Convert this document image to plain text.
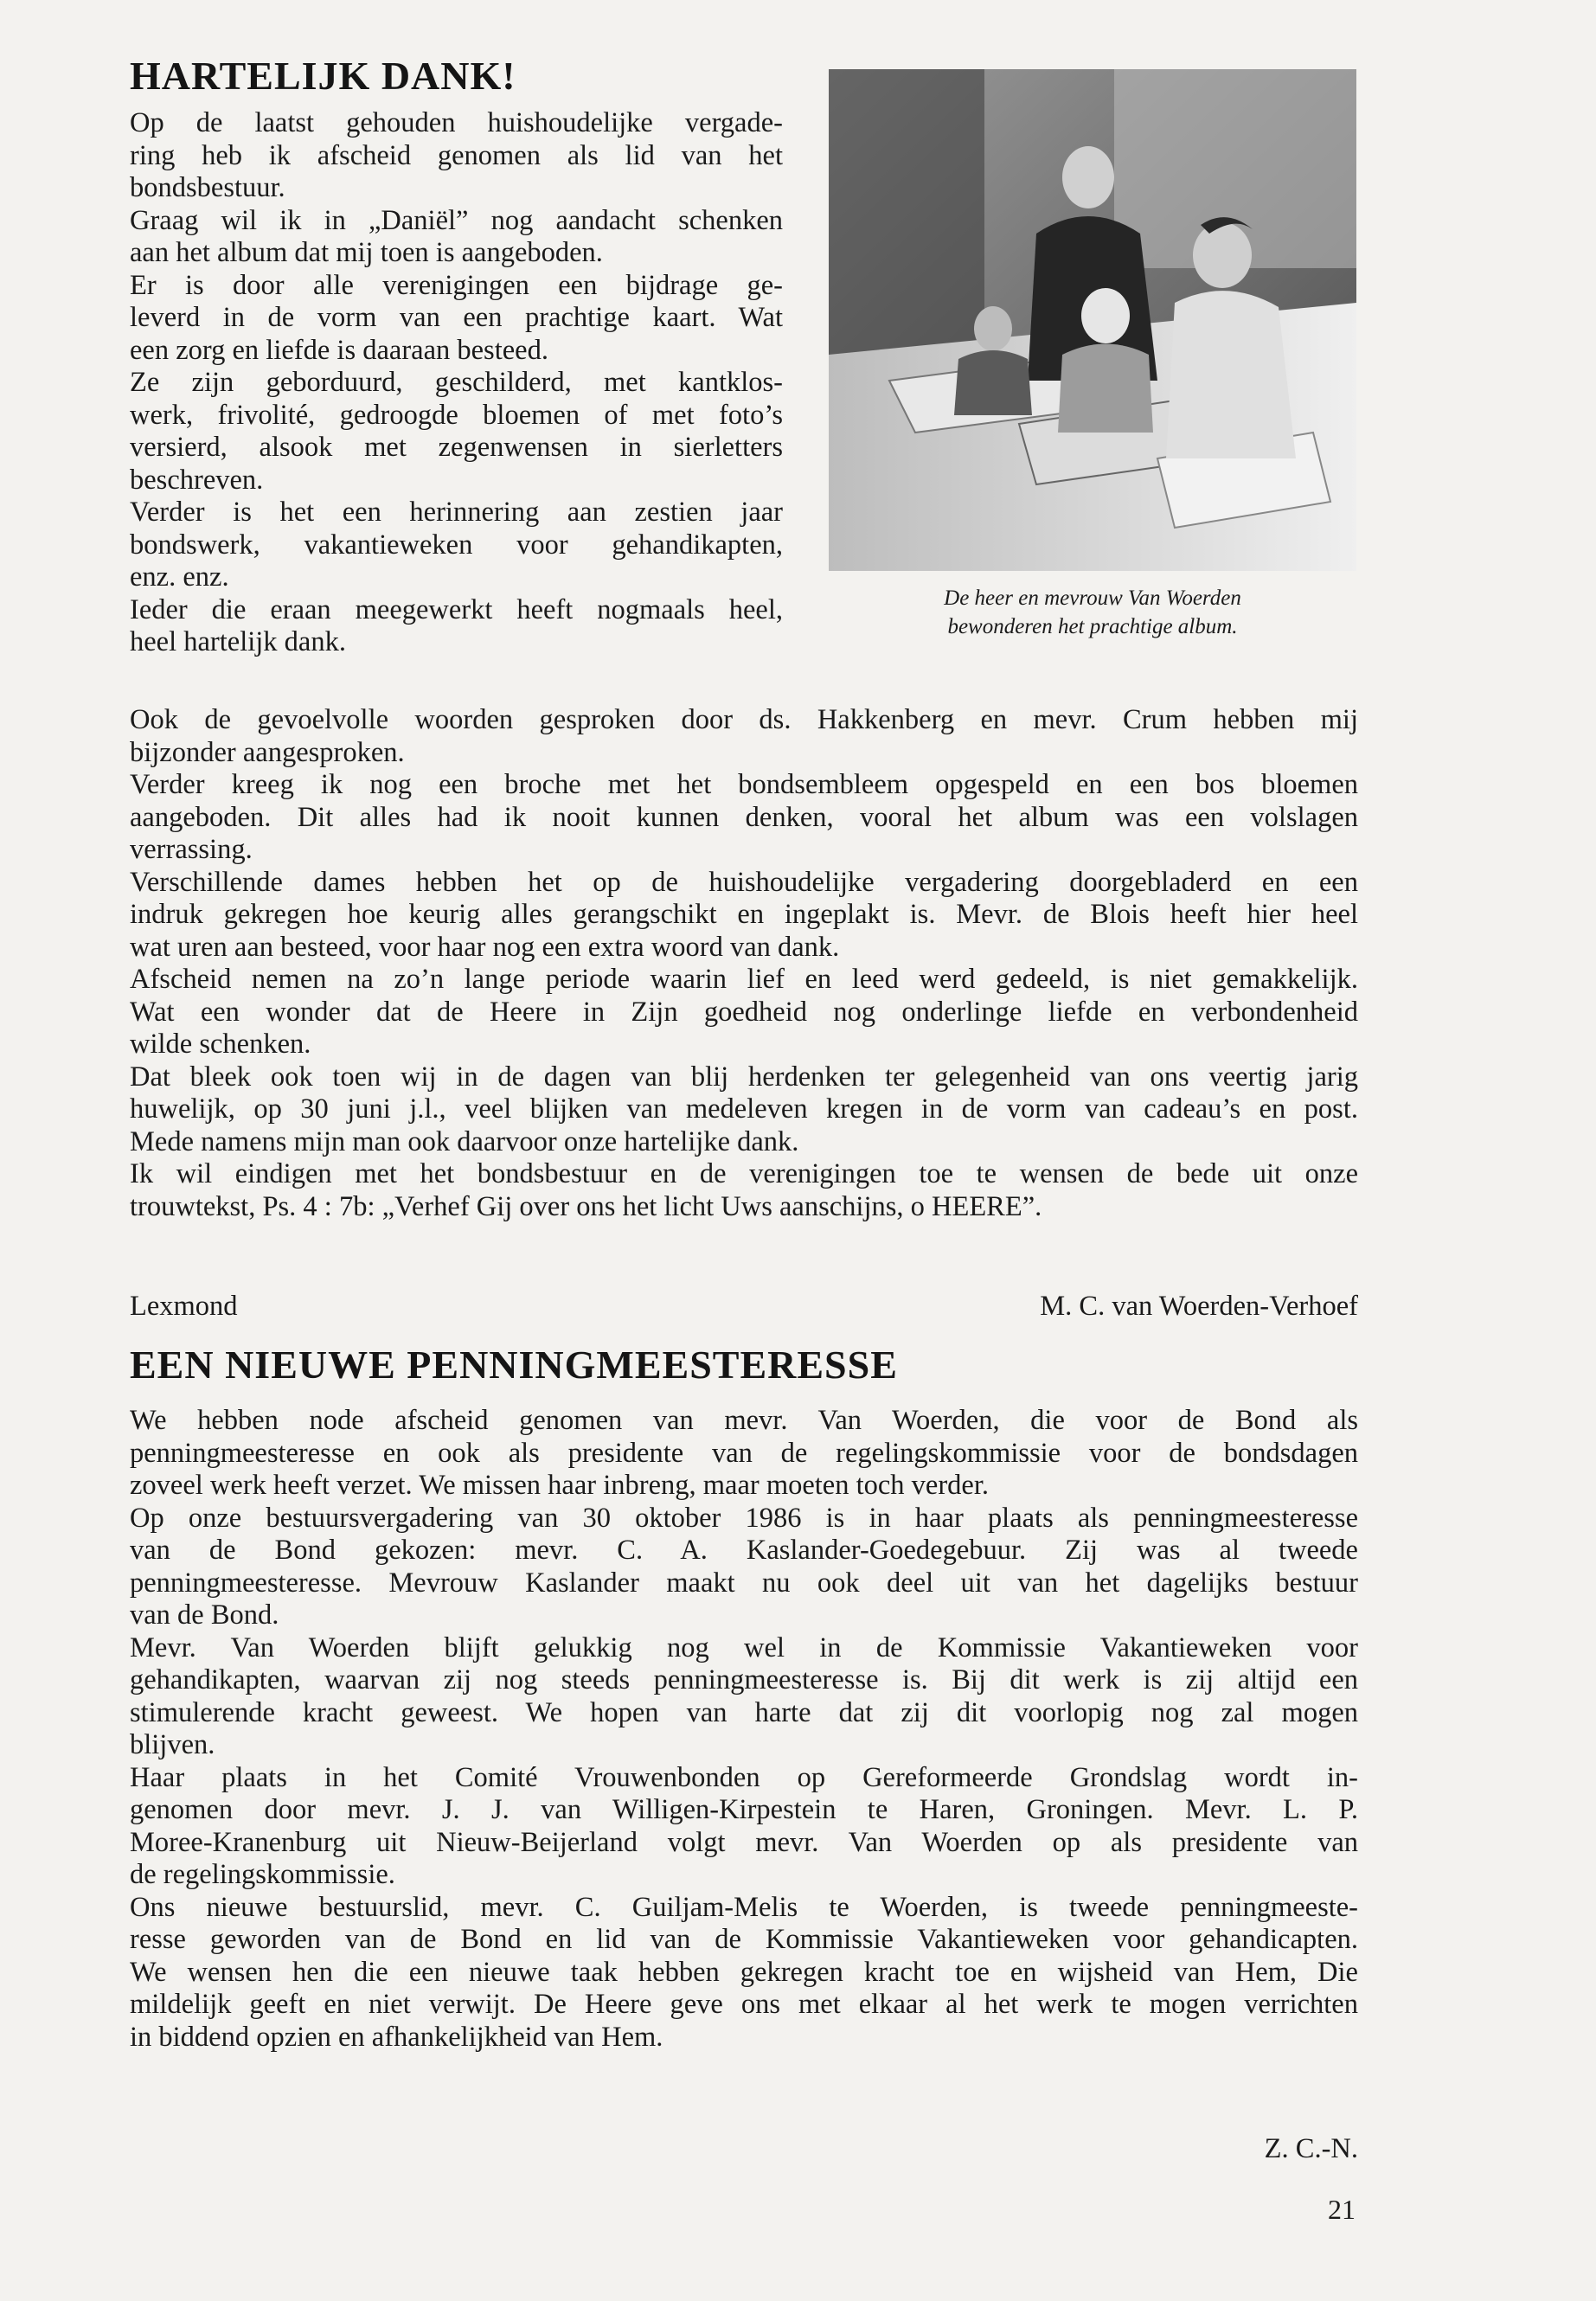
HARTELIJK DANK!
Op de laatst gehouden huishoudelijke vergade-
ring heb ik afscheid genomen als lid van het
bondsbestuur.
Graag wil ik in „Daniël” nog aandacht schenken
aan het album dat mij toen is aangeboden.
Er is door alle verenigingen een bijdrage ge-
leverd in de vorm van een prachtige kaart. Wat
een zorg en liefde is daaraan besteed.
Ze zijn geborduurd, geschilderd, met kantklos-
werk, frivolité, gedroogde bloemen of met foto’s
versierd, alsook met zegenwensen in sierletters
beschreven.
Verder is het een herinnering aan zestien jaar
bondswerk, vakantieweken voor gehandikapten,
enz. enz.
Ieder die eraan meegewerkt heeft nogmaals heel,
heel hartelijk dank.
De heer en mevrouw Van Woerden
bewonderen het prachtige album.
Ook de gevoelvolle woorden gesproken door ds. Hakkenberg en mevr. Crum hebben mij
bijzonder aangesproken.
Verder kreeg ik nog een broche met het bondsembleem opgespeld en een bos bloemen
aangeboden. Dit alles had ik nooit kunnen denken, vooral het album was een volslagen
verrassing.
Verschillende dames hebben het op de huishoudelijke vergadering doorgebladerd en een
indruk gekregen hoe keurig alles gerangschikt en ingeplakt is. Mevr. de Blois heeft hier heel
wat uren aan besteed, voor haar nog een extra woord van dank.
Afscheid nemen na zo’n lange periode waarin lief en leed werd gedeeld, is niet gemakkelijk.
Wat een wonder dat de Heere in Zijn goedheid nog onderlinge liefde en verbondenheid
wilde schenken.
Dat bleek ook toen wij in de dagen van blij herdenken ter gelegenheid van ons veertig jarig
huwelijk, op 30 juni j.l., veel blijken van medeleven kregen in de vorm van cadeau’s en post.
Mede namens mijn man ook daarvoor onze hartelijke dank.
Ik wil eindigen met het bondsbestuur en de verenigingen toe te wensen de bede uit onze
trouwtekst, Ps. 4 : 7b: „Verhef Gij over ons het licht Uws aanschijns, o HEERE”.
Lexmond	M. C. van Woerden-Verhoef
EEN NIEUWE PENNINGMEESTERESSE
We hebben node afscheid genomen van mevr. Van Woerden, die voor de Bond als
penningmeesteresse en ook als presidente van de regelingskommissie voor de bondsdagen
zoveel werk heeft verzet. We missen haar inbreng, maar moeten toch verder.
Op onze bestuursvergadering van 30 oktober 1986 is in haar plaats als penningmeesteresse
van de Bond gekozen: mevr. C. A. Kaslander-Goedegebuur. Zij was al tweede
penningmeesteresse. Mevrouw Kaslander maakt nu ook deel uit van het dagelijks bestuur
van de Bond.
Mevr. Van Woerden blijft gelukkig nog wel in de Kommissie Vakantieweken voor
gehandikapten, waarvan zij nog steeds penningmeesteresse is. Bij dit werk is zij altijd een
stimulerende kracht geweest. We hopen van harte dat zij dit voorlopig nog zal mogen
blijven.
Haar plaats in het Comité Vrouwenbonden op Gereformeerde Grondslag wordt in-
genomen door mevr. J. J. van Willigen-Kirpestein te Haren, Groningen. Mevr. L. P.
Moree-Kranenburg uit Nieuw-Beijerland volgt mevr. Van Woerden op als presidente van
de regelingskommissie.
Ons nieuwe bestuurslid, mevr. C. Guiljam-Melis te Woerden, is tweede penningmeeste-
resse geworden van de Bond en lid van de Kommissie Vakantieweken voor gehandicapten.
We wensen hen die een nieuwe taak hebben gekregen kracht toe en wijsheid van Hem, Die
mildelijk geeft en niet verwijt. De Heere geve ons met elkaar al het werk te mogen verrichten
in biddend opzien en afhankelijkheid van Hem.
Z. C.-N.
21
